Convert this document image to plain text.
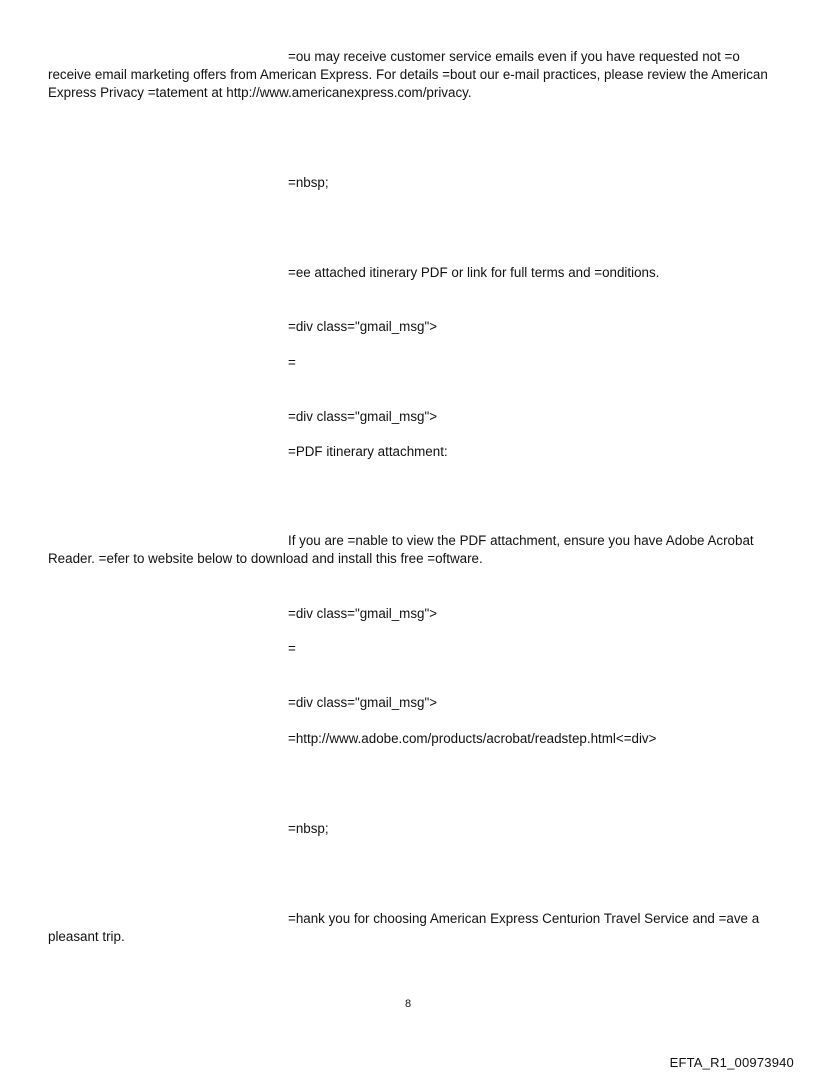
=ou may receive customer service emails even if you have requested not =o receive email marketing offers from American Express. For details =bout our e-mail practices, please review the American Express Privacy =tatement at http://www.americanexpress.com/privacy.

=nbsp;

=ee attached itinerary PDF or link for full terms and =onditions.

=div class="gmail_msg">

=

=div class="gmail_msg">

=PDF itinerary attachment:

If you are =nable to view the PDF attachment, ensure you have Adobe Acrobat Reader. =efer to website below to download and install this free =oftware.

=div class="gmail_msg">

=

=div class="gmail_msg">

=http://www.adobe.com/products/acrobat/readstep.html<=div>

=nbsp;

=hank you for choosing American Express Centurion Travel Service and =ave a pleasant trip.

8
EFTA_R1_00973940
